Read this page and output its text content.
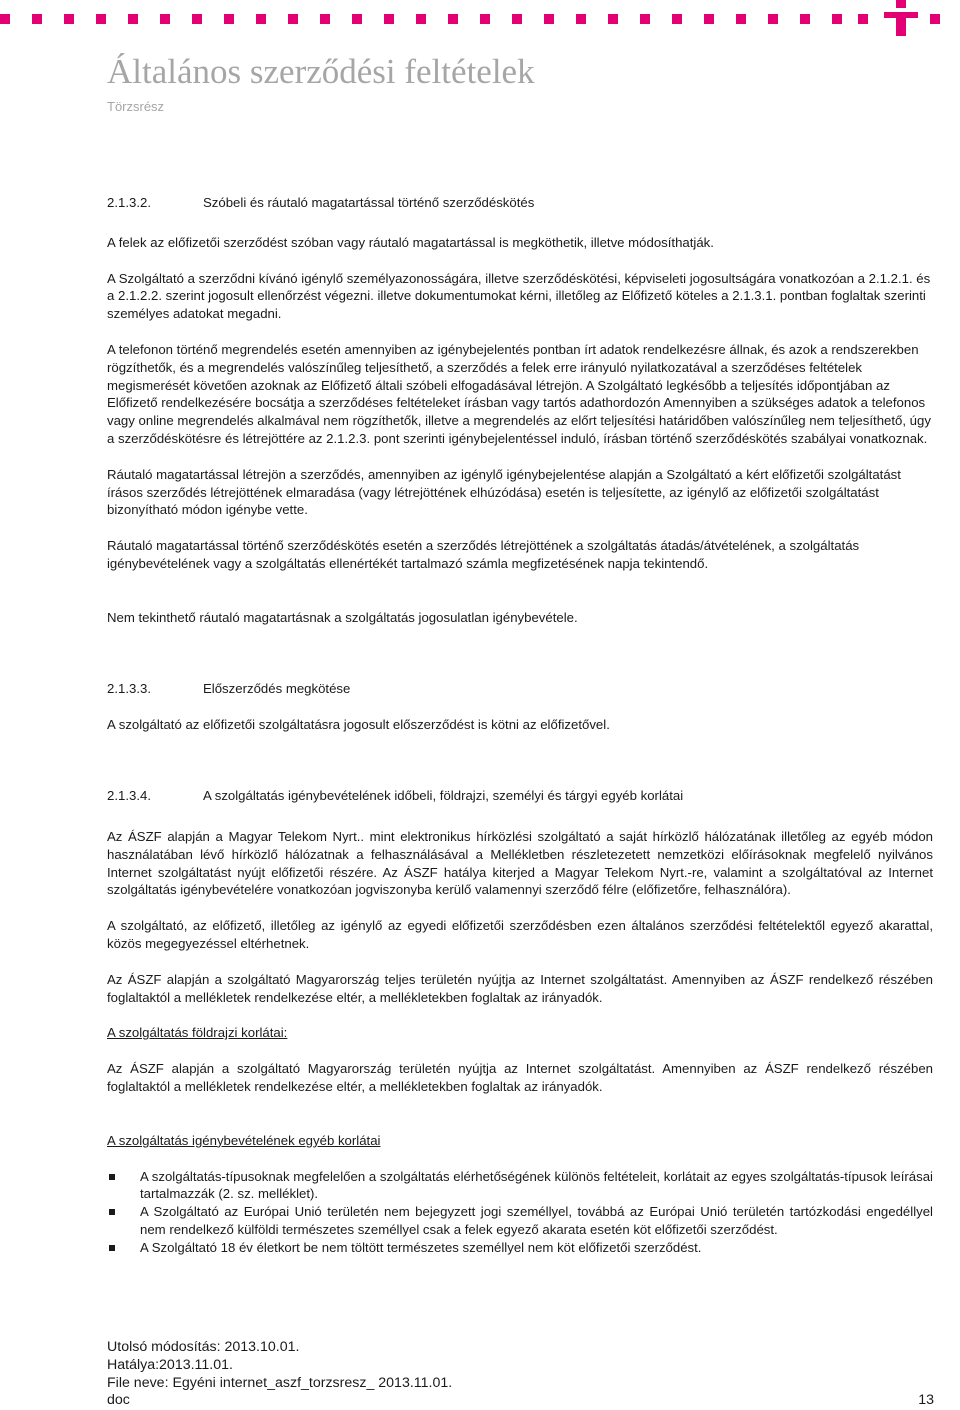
Általános szerződési feltételek
Törzsrész
2.1.3.2.	Szóbeli és ráutaló magatartással történő szerződéskötés

A felek az előfizetői szerződést szóban vagy ráutaló magatartással is megköthetik, illetve módosíthatják.

A Szolgáltató a szerződni kívánó igénylő személyazonosságára, illetve szerződéskötési, képviseleti jogosultságára vonatkozóan a 2.1.2.1. és a 2.1.2.2. szerint jogosult ellenőrzést végezni. illetve dokumentumokat kérni, illetőleg az Előfizető köteles a 2.1.3.1. pontban foglaltak szerinti személyes adatokat megadni.

A telefonon történő megrendelés esetén amennyiben az igénybejelentés pontban írt adatok rendelkezésre állnak, és azok a rendszerekben rögzíthetők, és a megrendelés valószínűleg teljesíthető, a szerződés a felek erre irányuló nyilatkozatával a szerződéses feltételek megismerését követően azoknak az Előfizető általi szóbeli elfogadásával létrejön. A Szolgáltató legkésőbb a teljesítés időpontjában az Előfizető rendelkezésére bocsátja a szerződéses feltételeket írásban vagy tartós adathordozón Amennyiben a szükséges adatok a telefonos vagy online megrendelés alkalmával nem rögzíthetők, illetve a megrendelés az előrt teljesítési határidőben valószínűleg nem teljesíthető, úgy a szerződéskötésre és létrejöttére az 2.1.2.3. pont szerinti igénybejelentéssel induló, írásban történő szerződéskötés szabályai vonatkoznak.

Ráutaló magatartással létrejön a szerződés, amennyiben az igénylő igénybejelentése alapján a Szolgáltató a kért előfizetői szolgáltatást írásos szerződés létrejöttének elmaradása (vagy létrejöttének elhúzódása) esetén is teljesítette, az igénylő az előfizetői szolgáltatást bizonyítható módon igénybe vette.

Ráutaló magatartással történő szerződéskötés esetén a szerződés létrejöttének a szolgáltatás átadás/átvételének, a szolgáltatás igénybevételének vagy a szolgáltatás ellenértékét tartalmazó számla megfizetésének napja tekintendő.

Nem tekinthető ráutaló magatartásnak a szolgáltatás jogosulatlan igénybevétele.

2.1.3.3.	Előszerződés megkötése

A szolgáltató az előfizetői szolgáltatásra jogosult előszerződést is kötni az előfizetővel.

2.1.3.4.	A szolgáltatás igénybevételének időbeli, földrajzi, személyi és tárgyi egyéb korlátai

Az ÁSZF alapján a Magyar Telekom Nyrt.. mint elektronikus hírközlési szolgáltató a saját hírközlő hálózatának illetőleg az egyéb módon használatában lévő hírközlő hálózatnak a felhasználásával a Mellékletben részletezetett nemzetközi előírásoknak megfelelő nyilvános Internet szolgáltatást nyújt előfizetői részére. Az ÁSZF hatálya kiterjed a Magyar Telekom Nyrt.-re, valamint a szolgáltatóval az Internet szolgáltatás igénybevételére vonatkozóan jogviszonyba kerülő valamennyi szerződő félre (előfizetőre, felhasználóra).

A szolgáltató, az előfizető, illetőleg az igénylő az egyedi előfizetői szerződésben ezen általános szerződési feltételektől egyező akarattal, közös megegyezéssel eltérhetnek.

Az ÁSZF alapján a szolgáltató Magyarország teljes területén nyújtja az Internet szolgáltatást. Amennyiben az ÁSZF rendelkező részében foglaltaktól a mellékletek rendelkezése eltér, a mellékletekben foglaltak az irányadók.

A szolgáltatás földrajzi korlátai:

Az ÁSZF alapján a szolgáltató Magyarország területén nyújtja az Internet szolgáltatást. Amennyiben az ÁSZF rendelkező részében foglaltaktól a mellékletek rendelkezése eltér, a mellékletekben foglaltak az irányadók.

A szolgáltatás igénybevételének egyéb korlátai

A szolgáltatás-típusoknak megfelelően a szolgáltatás elérhetőségének különös feltételeit, korlátait az egyes szolgáltatás-típusok leírásai tartalmazzák (2. sz. melléklet).
A Szolgáltató az Európai Unió területén nem bejegyzett jogi személlyel, továbbá az Európai Unió területén tartózkodási engedéllyel nem rendelkező külföldi természetes személlyel csak a felek egyező akarata esetén köt előfizetői szerződést.
A Szolgáltató 18 év életkort be nem töltött természetes személlyel nem köt előfizetői szerződést.
Utolsó módosítás: 2013.10.01.
Hatálya:2013.11.01.
File neve: Egyéni internet_aszf_torzsresz_ 2013.11.01.
doc	13
